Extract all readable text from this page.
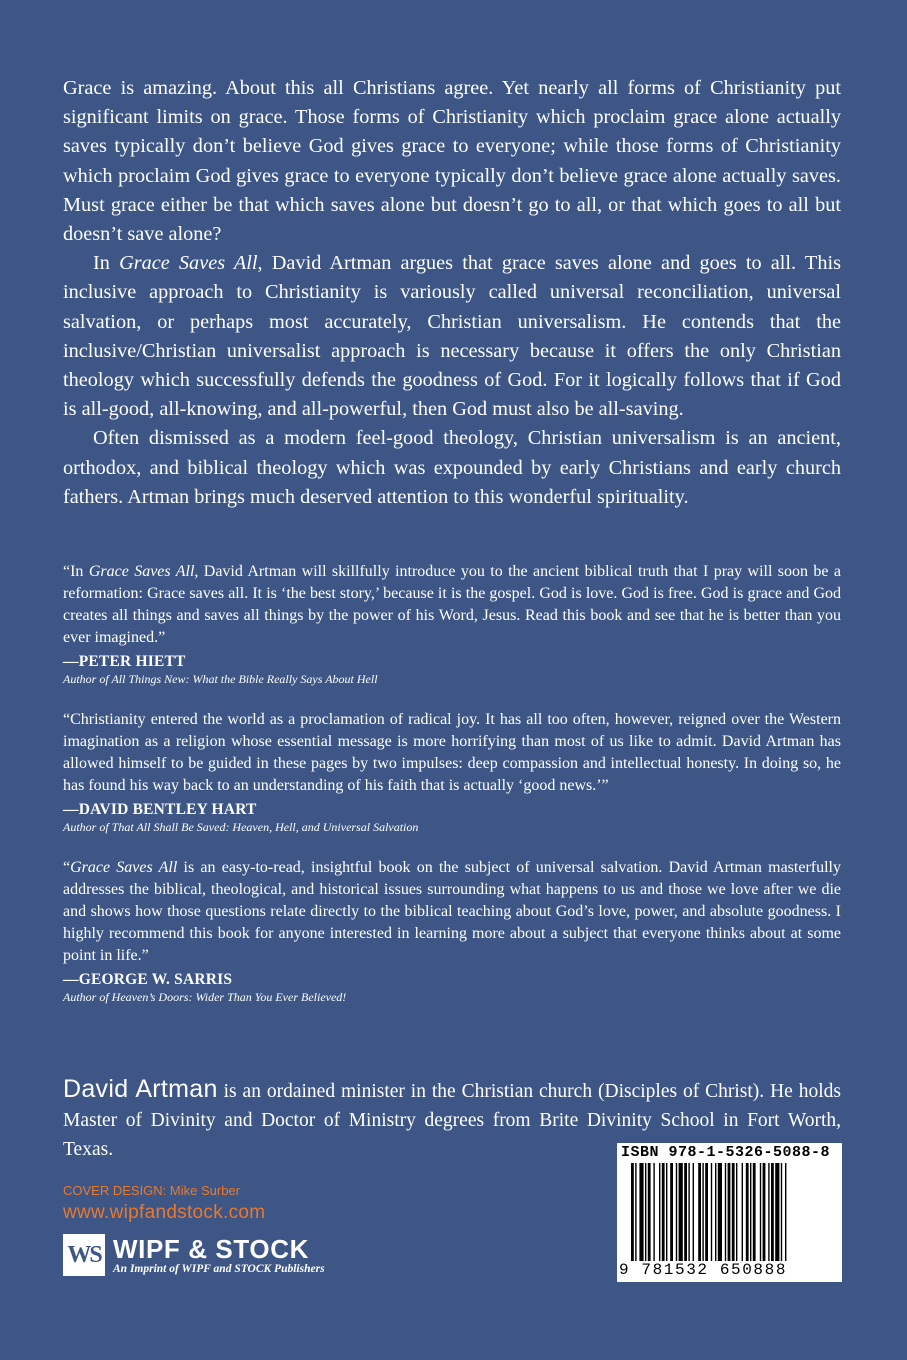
Grace is amazing. About this all Christians agree. Yet nearly all forms of Christianity put significant limits on grace. Those forms of Christianity which proclaim grace alone actually saves typically don’t believe God gives grace to everyone; while those forms of Christianity which proclaim God gives grace to everyone typically don’t believe grace alone actually saves. Must grace either be that which saves alone but doesn’t go to all, or that which goes to all but doesn’t save alone?

In Grace Saves All, David Artman argues that grace saves alone and goes to all. This inclusive approach to Christianity is variously called universal reconciliation, universal salvation, or perhaps most accurately, Christian universalism. He contends that the inclusive/Christian universalist approach is necessary because it offers the only Christian theology which successfully defends the goodness of God. For it logically follows that if God is all-good, all-knowing, and all-powerful, then God must also be all-saving.

Often dismissed as a modern feel-good theology, Christian universalism is an ancient, orthodox, and biblical theology which was expounded by early Christians and early church fathers. Artman brings much deserved attention to this wonderful spirituality.

“In Grace Saves All, David Artman will skillfully introduce you to the ancient biblical truth that I pray will soon be a reformation: Grace saves all. It is ‘the best story,’ because it is the gospel. God is love. God is free. God is grace and God creates all things and saves all things by the power of his Word, Jesus. Read this book and see that he is better than you ever imagined.”

—PETER HIETT

Author of All Things New: What the Bible Really Says About Hell

“Christianity entered the world as a proclamation of radical joy. It has all too often, however, reigned over the Western imagination as a religion whose essential message is more horrifying than most of us like to admit. David Artman has allowed himself to be guided in these pages by two impulses: deep compassion and intellectual honesty. In doing so, he has found his way back to an understanding of his faith that is actually ‘good news.’”

—DAVID BENTLEY HART

Author of That All Shall Be Saved: Heaven, Hell, and Universal Salvation

“Grace Saves All is an easy-to-read, insightful book on the subject of universal salvation. David Artman masterfully addresses the biblical, theological, and historical issues surrounding what happens to us and those we love after we die and shows how those questions relate directly to the biblical teaching about God’s love, power, and absolute goodness. I highly recommend this book for anyone interested in learning more about a subject that everyone thinks about at some point in life.”

—GEORGE W. SARRIS

Author of Heaven’s Doors: Wider Than You Ever Believed!

David Artman is an ordained minister in the Christian church (Disciples of Christ). He holds Master of Divinity and Doctor of Ministry degrees from Brite Divinity School in Fort Worth, Texas.

COVER DESIGN: Mike Surber

www.wipfandstock.com

WS WIPF & STOCK

An Imprint of WIPF and STOCK Publishers

ISBN 978-1-5326-5088-8

9 781532 650888
